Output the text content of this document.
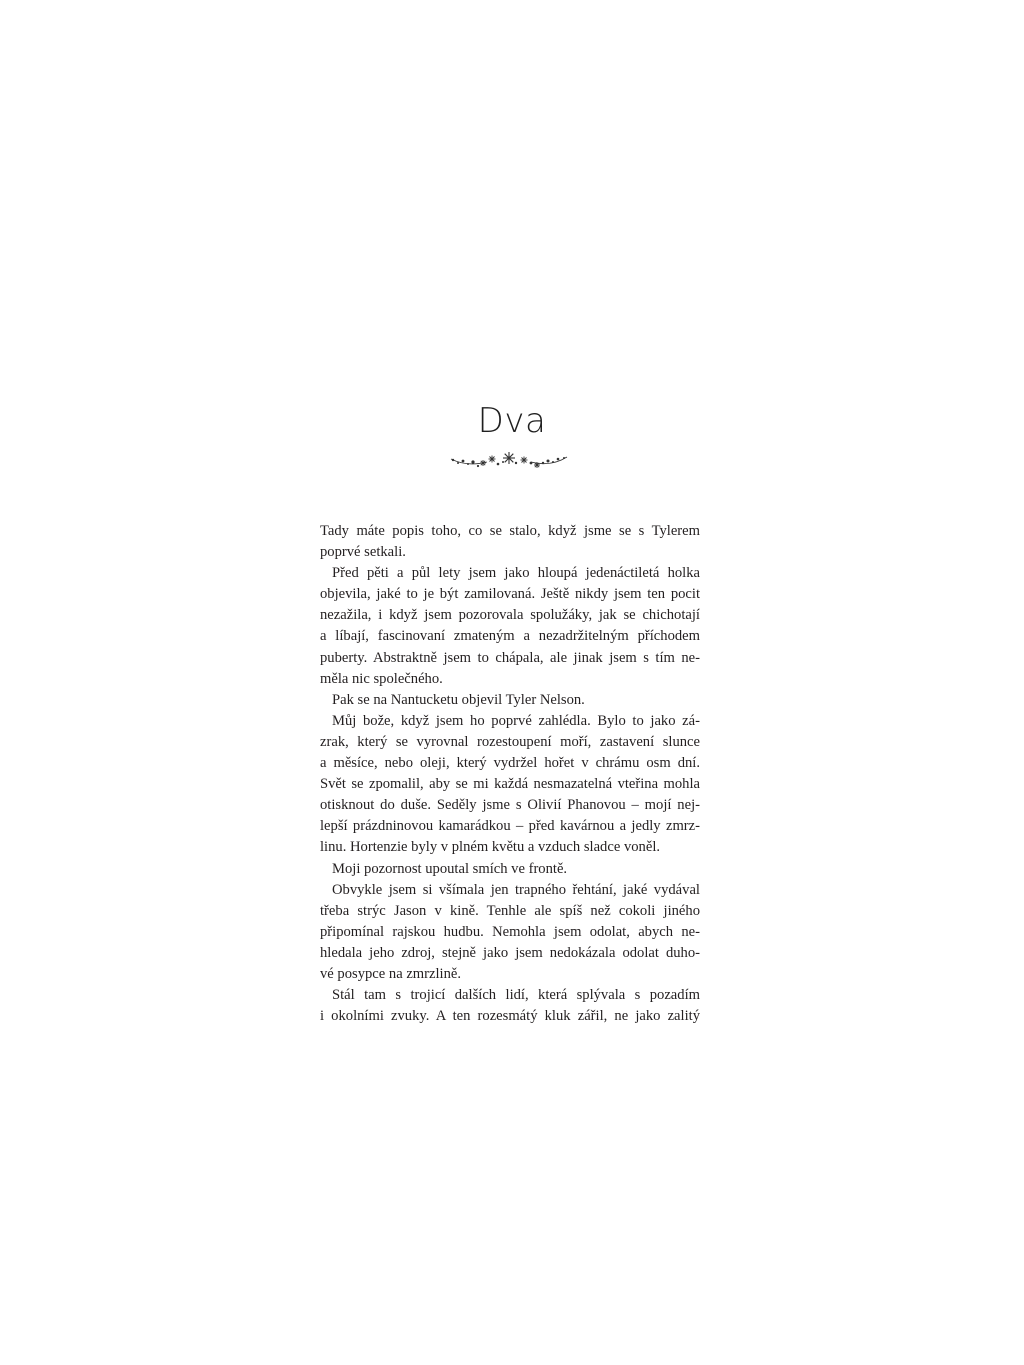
Dva
Tady máte popis toho, co se stalo, když jsme se s Tylerem
poprvé setkali.
Před pěti a půl lety jsem jako hloupá jedenáctiletá holka
objevila, jaké to je být zamilovaná. Ještě nikdy jsem ten pocit
nezažila, i když jsem pozorovala spolužáky, jak se chichotají
a líbají, fascinovaní zmateným a nezadržitelným příchodem
puberty. Abstraktně jsem to chápala, ale jinak jsem s tím ne-
měla nic společného.
Pak se na Nantucketu objevil Tyler Nelson.
Můj bože, když jsem ho poprvé zahlédla. Bylo to jako zá-
zrak, který se vyrovnal rozestoupení moří, zastavení slunce
a měsíce, nebo oleji, který vydržel hořet v chrámu osm dní.
Svět se zpomalil, aby se mi každá nesmazatelná vteřina mohla
otisknout do duše. Seděly jsme s Olivií Phanovou – mojí nej-
lepší prázdninovou kamarádkou – před kavárnou a jedly zmrz-
linu. Hortenzie byly v plném květu a vzduch sladce voněl.
Moji pozornost upoutal smích ve frontě.
Obvykle jsem si všímala jen trapného řehtání, jaké vydával
třeba strýc Jason v kině. Tenhle ale spíš než cokoli jiného
připomínal rajskou hudbu. Nemohla jsem odolat, abych ne-
hledala jeho zdroj, stejně jako jsem nedokázala odolat duho-
vé posypce na zmrzlině.
Stál tam s trojicí dalších lidí, která splývala s pozadím
i okolními zvuky. A ten rozesmátý kluk zářil, ne jako zalitý
